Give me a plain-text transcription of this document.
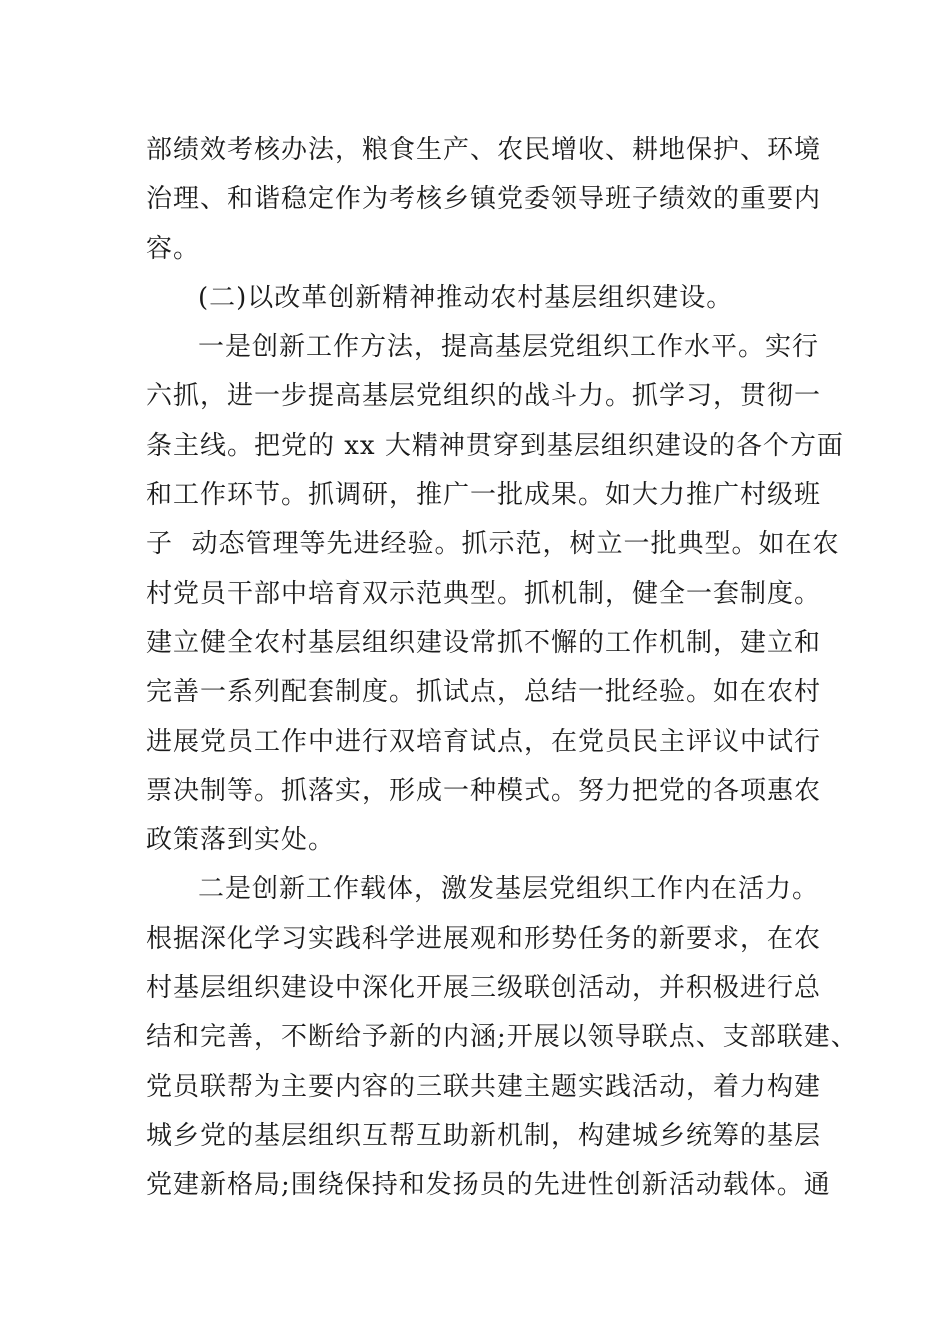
部绩效考核办法，粮食生产、农民增收、耕地保护、环境
治理、和谐稳定作为考核乡镇党委领导班子绩效的重要内
容。
(二)以改革创新精神推动农村基层组织建设。
一是创新工作方法，提高基层党组织工作水平。实行
六抓，进一步提高基层党组织的战斗力。抓学习，贯彻一
条主线。把党的 xx 大精神贯穿到基层组织建设的各个方面
和工作环节。抓调研，推广一批成果。如大力推广村级班
子  动态管理等先进经验。抓示范，树立一批典型。如在农
村党员干部中培育双示范典型。抓机制，健全一套制度。
建立健全农村基层组织建设常抓不懈的工作机制，建立和
完善一系列配套制度。抓试点，总结一批经验。如在农村
进展党员工作中进行双培育试点，在党员民主评议中试行
票决制等。抓落实，形成一种模式。努力把党的各项惠农
政策落到实处。
二是创新工作载体，激发基层党组织工作内在活力。
根据深化学习实践科学进展观和形势任务的新要求，在农
村基层组织建设中深化开展三级联创活动，并积极进行总
结和完善，不断给予新的内涵;开展以领导联点、支部联建、
党员联帮为主要内容的三联共建主题实践活动，着力构建
城乡党的基层组织互帮互助新机制，构建城乡统筹的基层
党建新格局;围绕保持和发扬员的先进性创新活动载体。通
